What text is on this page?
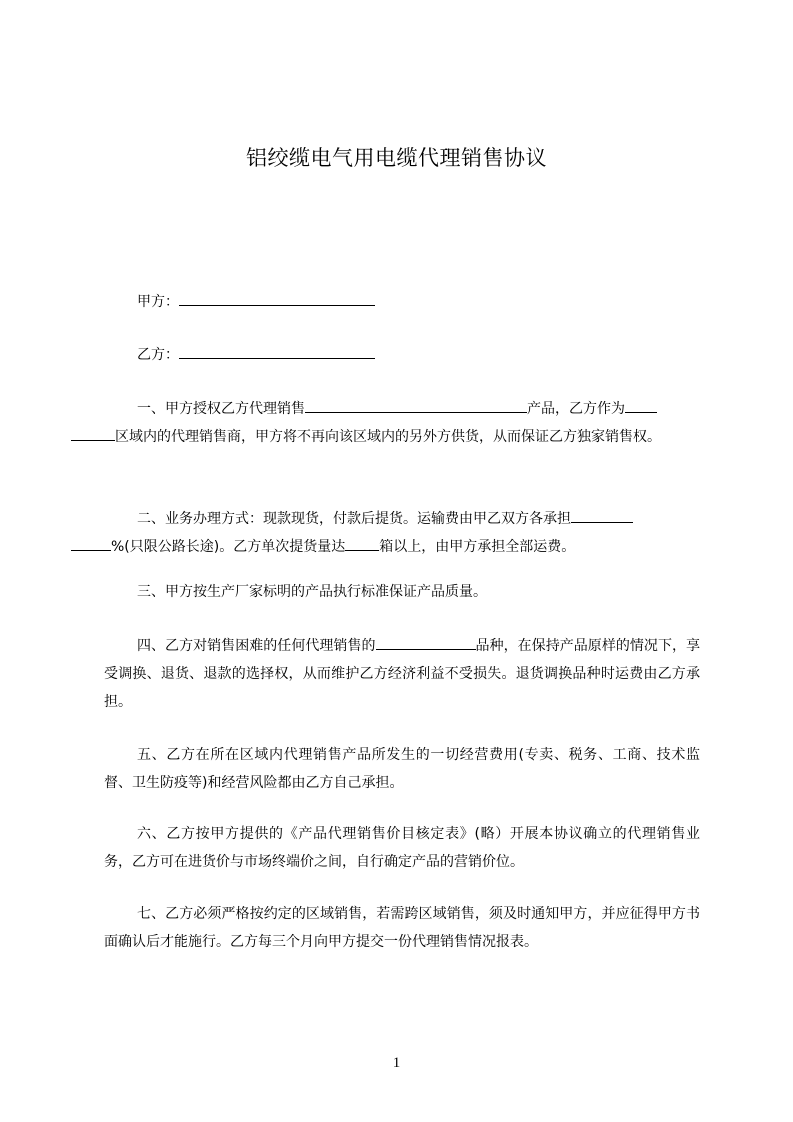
铝绞缆电气用电缆代理销售协议
甲方：
乙方：
一、甲方授权乙方代理销售	产品，乙方作为
区域内的代理销售商，甲方将不再向该区域内的另外方供货，从而保证乙方独家销售权。
二、业务办理方式：现款现货，付款后提货。运输费由甲乙双方各承担
%(只限公路长途)。乙方单次提货量达 箱以上，由甲方承担全部运费。
三、甲方按生产厂家标明的产品执行标准保证产品质量。
四、乙方对销售困难的任何代理销售的	品种，在保持产品原样的情况下，享受调换、退货、退款的选择权，从而维护乙方经济利益不受损失。退货调换品种时运费由乙方承担。
五、乙方在所在区域内代理销售产品所发生的一切经营费用(专卖、税务、工商、技术监督、卫生防疫等)和经营风险都由乙方自己承担。
六、乙方按甲方提供的《产品代理销售价目核定表》(略）开展本协议确立的代理销售业务，乙方可在进货价与市场终端价之间，自行确定产品的营销价位。
七、乙方必须严格按约定的区域销售，若需跨区域销售，须及时通知甲方，并应征得甲方书面确认后才能施行。乙方每三个月向甲方提交一份代理销售情况报表。
1
